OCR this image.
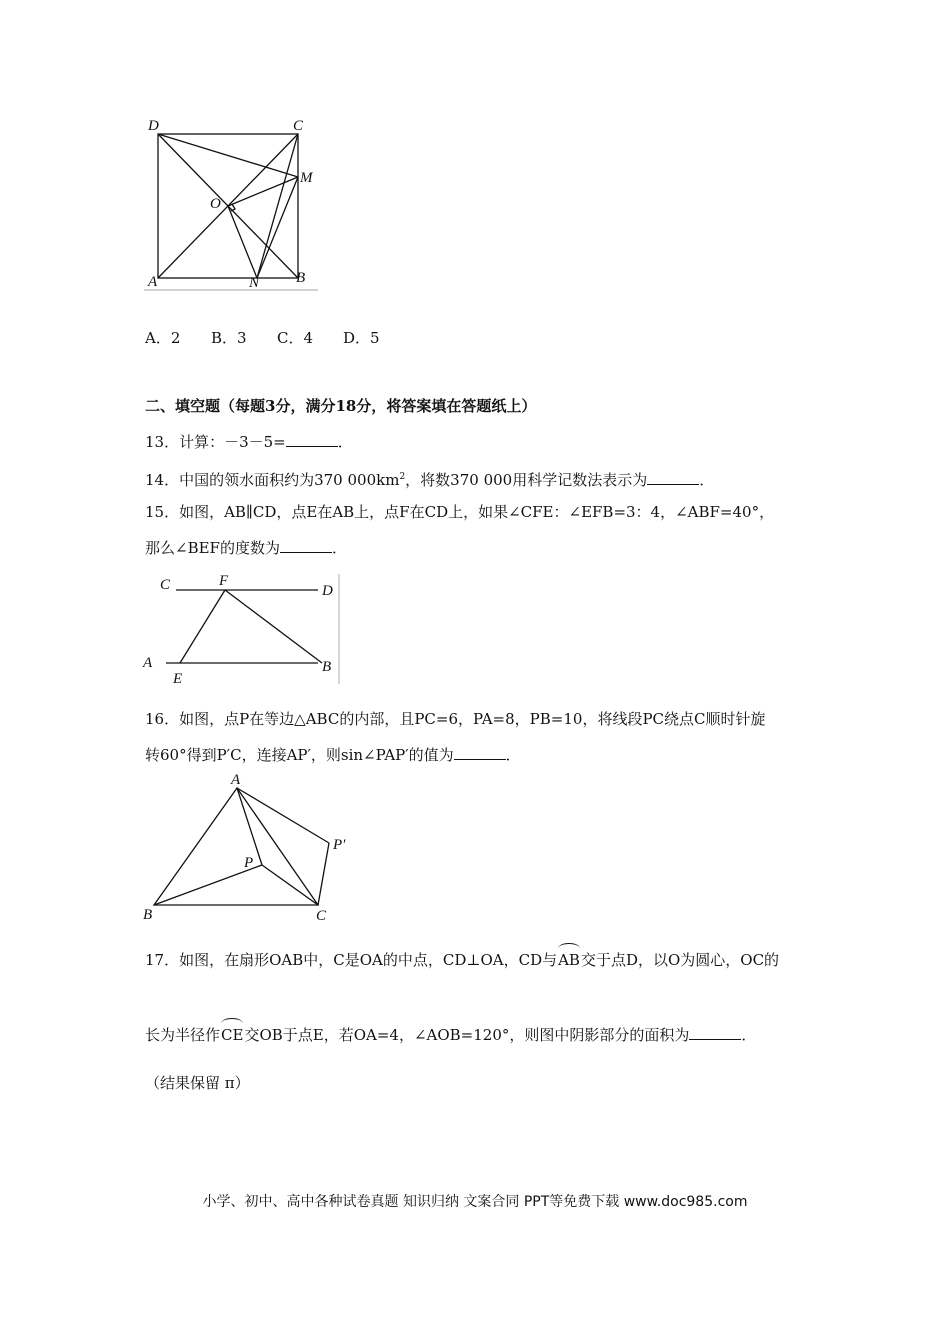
D	C
M
O
A	N B
A．2 B．3 C．4 D．5
二、填空题（每题3分，满分18分，将答案填在答题纸上）
13．计算：－3－5=	．
14．中国的领水面积约为370 $000km^2$，将数370 000用科学记数法表示为	．
15．如图，AB∥CD，点E在AB上，点F在CD上，如果∠CFE：∠EFB=3：4，∠ABF=40°，
那么∠BEF的度数为	．
C	F
D
A
E
B
16．如图，点P在等边△ABC的内部，且PC=6，PA=8，PB=10，将线段PC绕点C顺时针旋
转60°得到P′C，连接AP′，则sin∠PAP′的值为	．
A
P
P′
B	C
17．如图，在扇形OAB中，C是OA的中点，CD⊥OA，CD与AB交于点D，以O为圆心，OC的
长为半径作CE交OB于点E，若OA=4，∠AOB=120°，则图中阴影部分的面积为	．
（结果保留 π）
小学、初中、高中各种试卷真题 知识归纳 文案合同 PPT等免费下载 www.doc985.com
